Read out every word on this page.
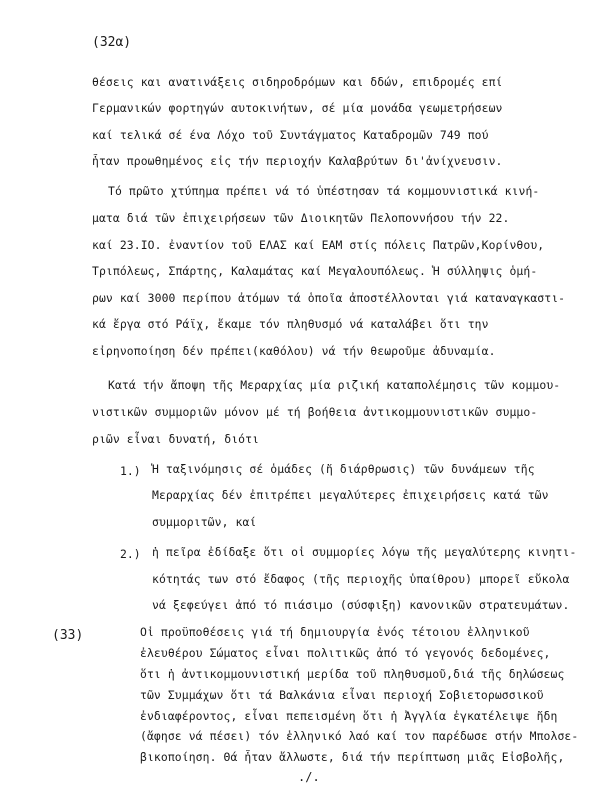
(32α)
θέσεις και ανατινάξεις σιδηροδρόμων και δδών, επιδρομές επί
Γερμανικών φορτηγών αυτοκινήτων, σέ μία μονάδα γεωμετρήσεων
καί τελικά σέ ένα Λόχο τοῦ Συντάγματος Καταδρομῶν 749 πού
ἦταν προωθημένος εἰς τήν περιοχήν Καλαβρύτων δι'ἀνίχνευσιν.
Τό πρῶτο χτύπημα πρέπει νά τό ὑπέστησαν τά κομμουνιστικά κινή-
ματα διά τῶν ἐπιχειρήσεων τῶν Διοικητῶν Πελοποννήσου τήν 22.
καί 23.IO. ἐναντίον τοῦ ΕΛΑΣ καί ΕΑΜ στίς πόλεις Πατρῶν,Κορίνθου,
Τριπόλεως, Σπάρτης, Καλαμάτας καί Μεγαλουπόλεως. Ἡ σύλληψις ὁμή-
ρων καί 3000 περίπου ἀτόμων τά ὁποῖα ἀποστέλλονται γιά καταναγκαστι-
κά ἔργα στό Ράϊχ, ἔκαμε τόν πληθυσμό νά καταλάβει ὅτι την
εἰρηνοποίηση δέν πρέπει(καθόλου) νά τήν θεωροῦμε ἀδυναμία.
Κατά τήν ἄποψη τῆς Μεραρχίας μία ριζική καταπολέμησις τῶν κομμου-
νιστικῶν συμμοριῶν μόνον μέ τή βοήθεια ἀντικομμουνιστικῶν συμμο-
ριῶν εἶναι δυνατή, διότι
1.) Ἡ ταξινόμησις σέ ὁμάδες (ἤ διάρθρωσις) τῶν δυνάμεων τῆς
Μεραρχίας δέν ἐπιτρέπει μεγαλύτερες ἐπιχειρήσεις κατά τῶν
συμμοριτῶν, καί
2.) ἡ πεῖρα ἐδίδαξε ὅτι οἱ συμμορίες λόγω τῆς μεγαλύτερης κινητι-
κότητάς των στό ἔδαφος (τῆς περιοχῆς ὑπαίθρου) μπορεῖ εὔκολα
νά ξεφεύγει ἀπό τό πιάσιμο (σύσφιξη) κανονικῶν στρατευμάτων.
(33)	Οἱ προϋποθέσεις γιά τή δημιουργία ἑνός τέτοιου ἑλληνικοῦ
ἐλευθέρου Σώματος εἶναι πολιτικῶς ἀπό τό γεγονός δεδομένες,
ὅτι ἡ ἀντικομμουνιστική μερίδα τοῦ πληθυσμοῦ,διά τῆς δηλώσεως
τῶν Συμμάχων ὅτι τά Βαλκάνια εἶναι περιοχή Σοβιετορωσσικοῦ
ἐνδιαφέροντος, εἶναι πεπεισμένη ὅτι ἡ Ἀγγλία ἐγκατέλειψε ἤδη
(ἄφησε νά πέσει) τόν ἑλληνικό λαό καί τον παρέδωσε στήν Μπολσε-
βικοποίηση. Θά ἦταν ἄλλωστε, διά τήν περίπτωση μιᾶς Εἰσβολῆς,
./.
